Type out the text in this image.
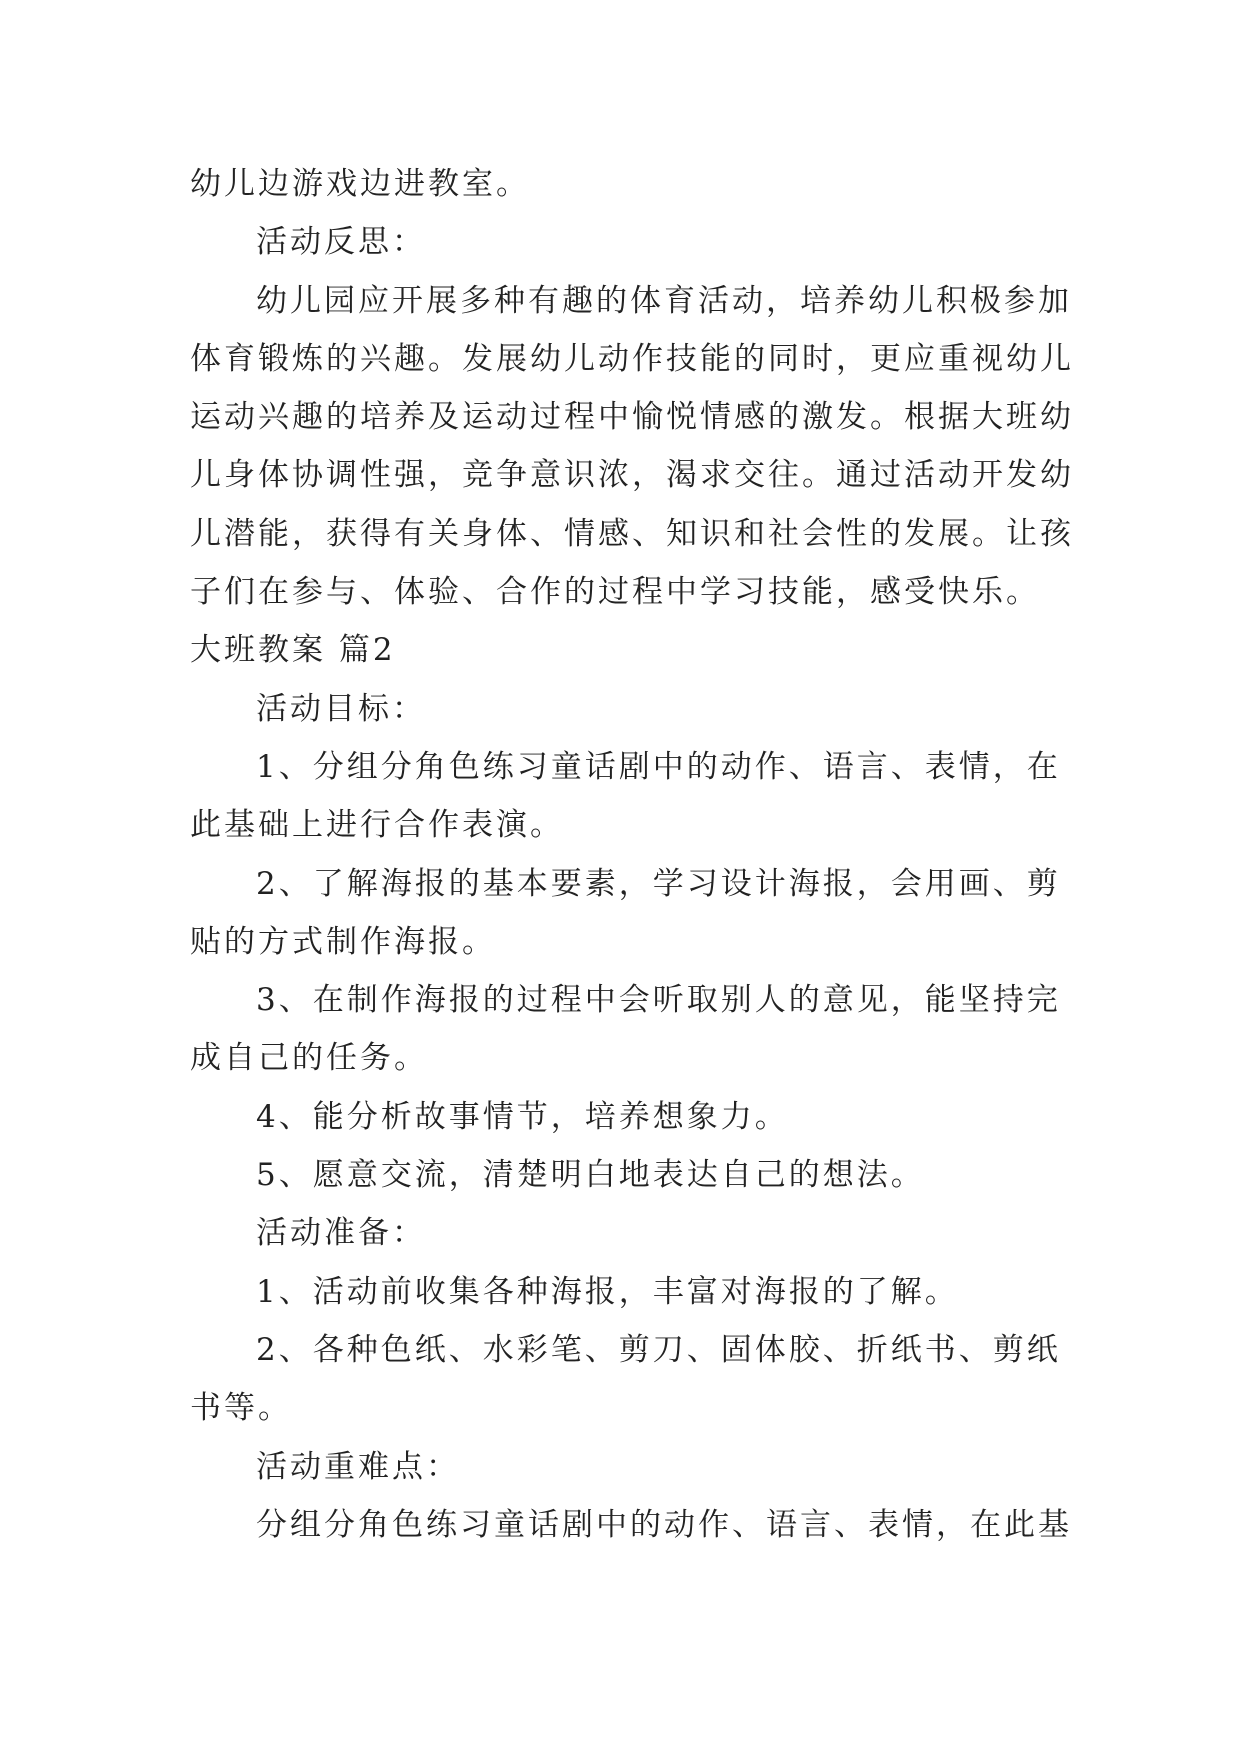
幼儿边游戏边进教室。
活动反思：
幼儿园应开展多种有趣的体育活动，培养幼儿积极参加
体育锻炼的兴趣。发展幼儿动作技能的同时，更应重视幼儿
运动兴趣的培养及运动过程中愉悦情感的激发。根据大班幼
儿身体协调性强，竞争意识浓，渴求交往。通过活动开发幼
儿潜能，获得有关身体、情感、知识和社会性的发展。让孩
子们在参与、体验、合作的过程中学习技能，感受快乐。
大班教案 篇2
活动目标：
1、分组分角色练习童话剧中的动作、语言、表情，在
此基础上进行合作表演。
2、了解海报的基本要素，学习设计海报，会用画、剪
贴的方式制作海报。
3、在制作海报的过程中会听取别人的意见，能坚持完
成自己的任务。
4、能分析故事情节，培养想象力。
5、愿意交流，清楚明白地表达自己的想法。
活动准备：
1、活动前收集各种海报，丰富对海报的了解。
2、各种色纸、水彩笔、剪刀、固体胶、折纸书、剪纸
书等。
活动重难点：
分组分角色练习童话剧中的动作、语言、表情，在此基
